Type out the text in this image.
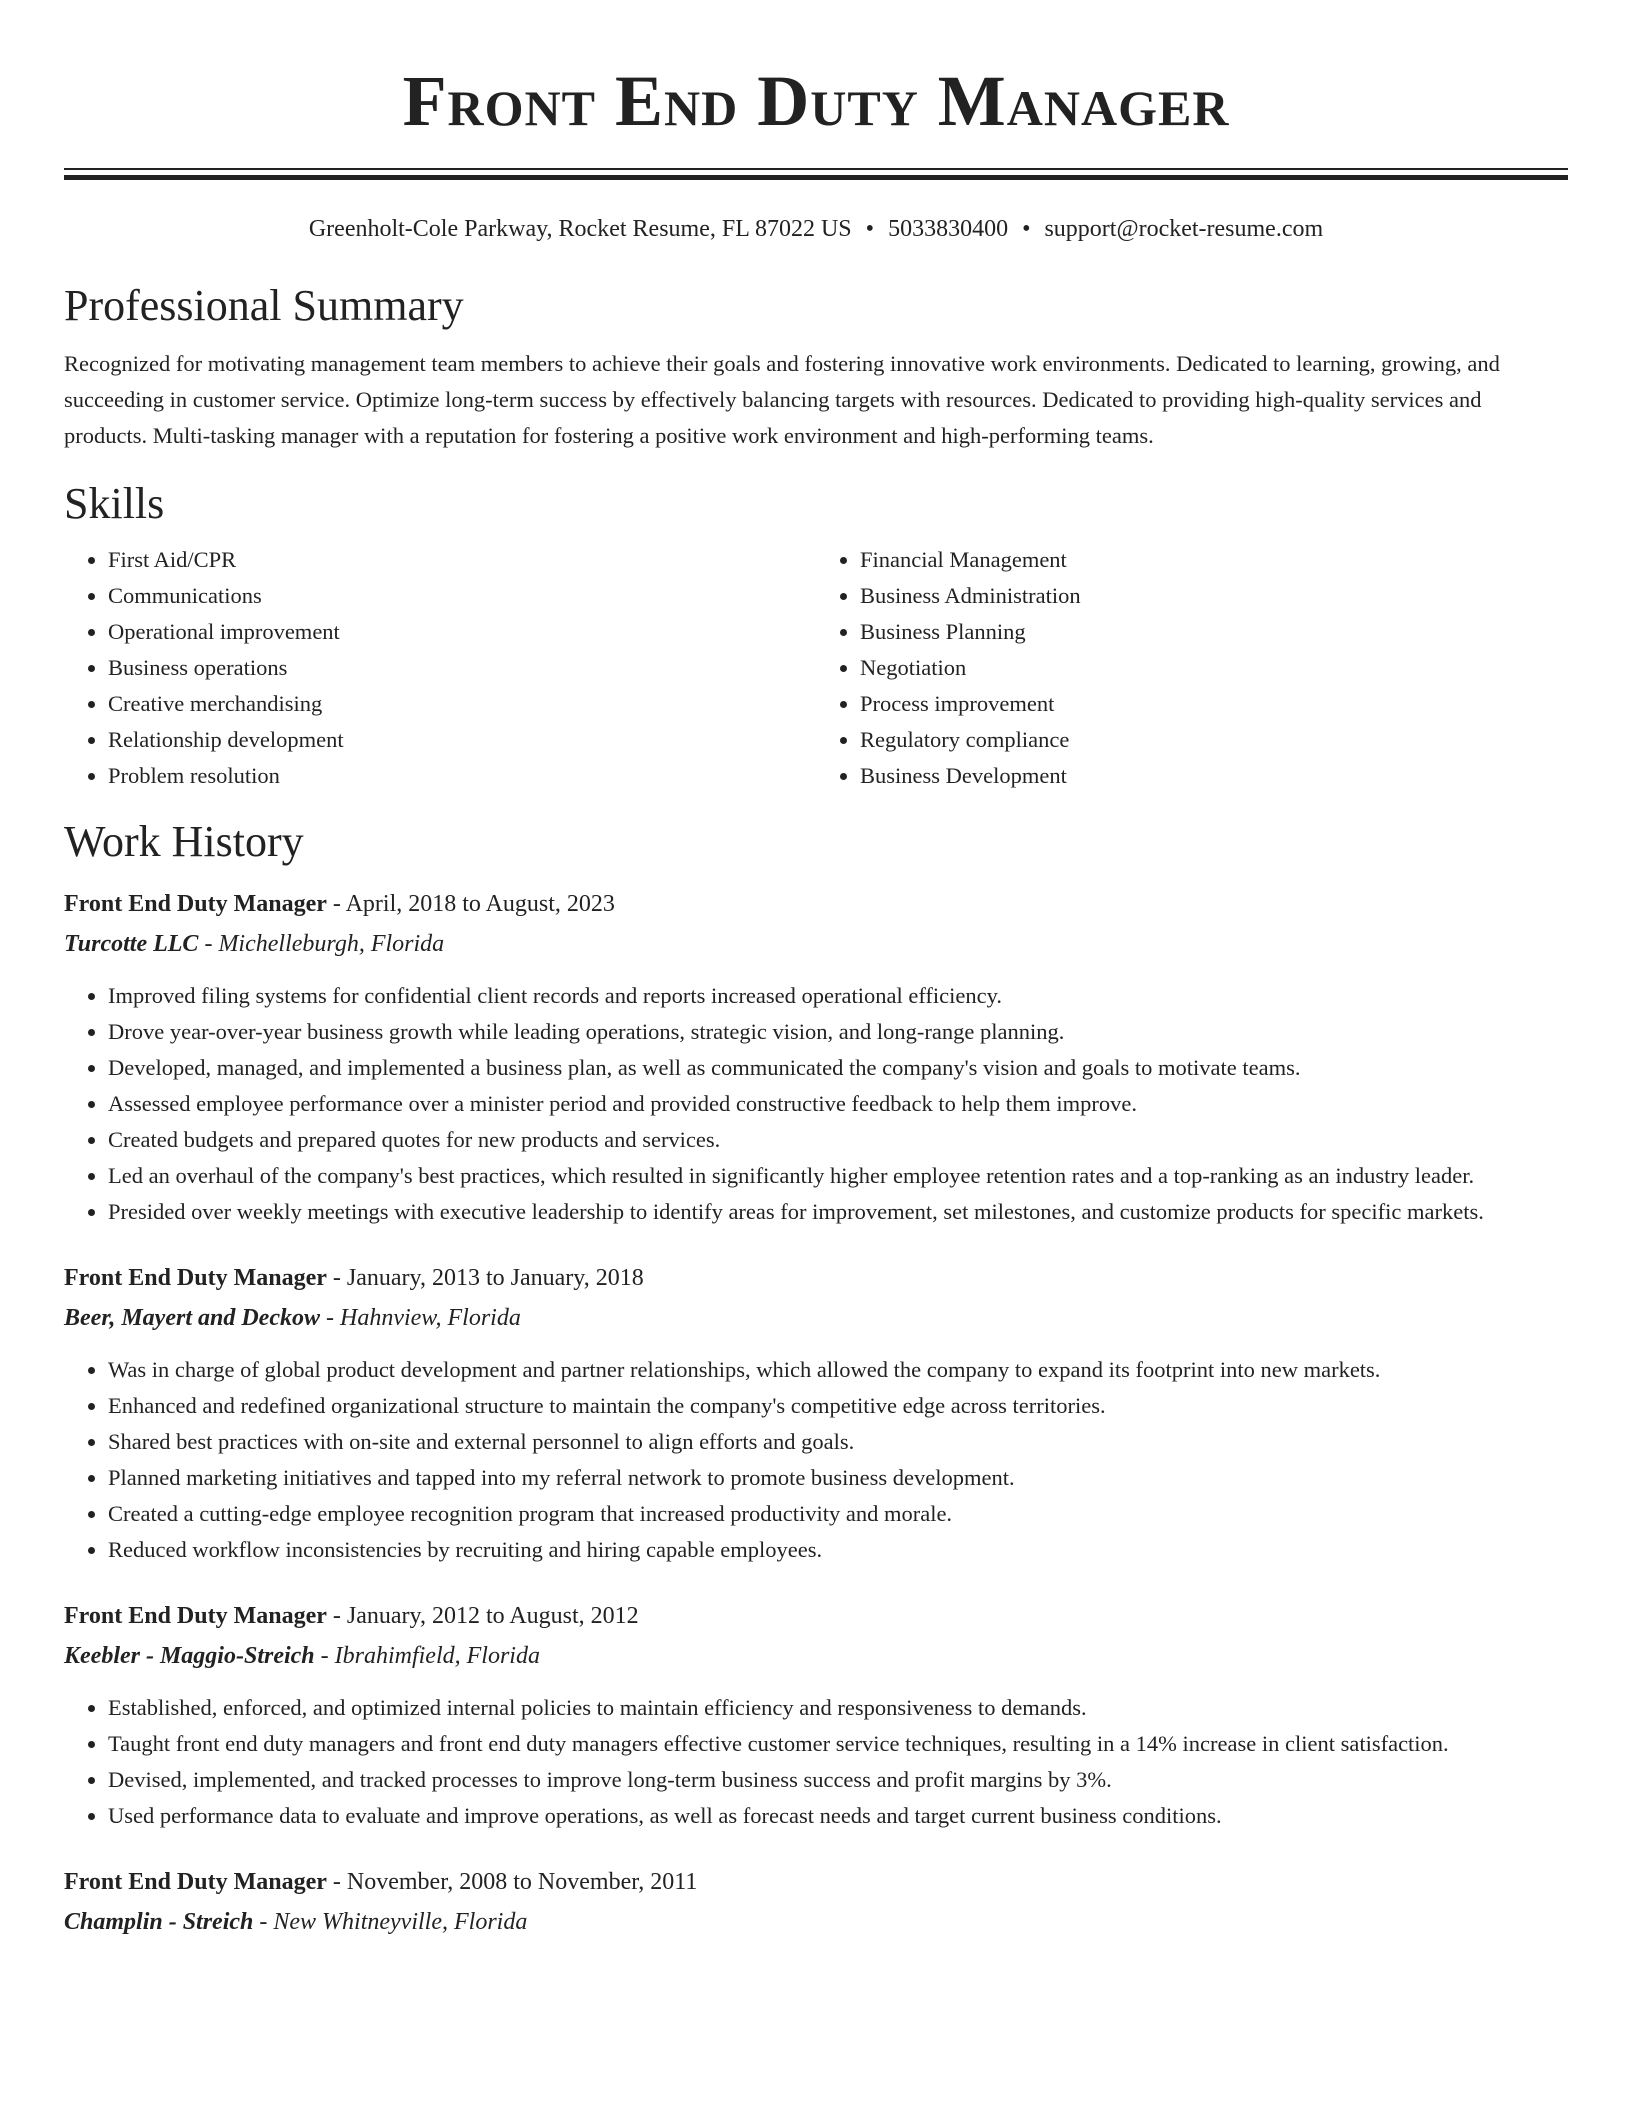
Front End Duty Manager
Greenholt-Cole Parkway, Rocket Resume, FL 87022 US • 5033830400 • support@rocket-resume.com
Professional Summary

Recognized for motivating management team members to achieve their goals and fostering innovative work environments. Dedicated to learning, growing, and succeeding in customer service. Optimize long-term success by effectively balancing targets with resources. Dedicated to providing high-quality services and products. Multi-tasking manager with a reputation for fostering a positive work environment and high-performing teams.

Skills
• First Aid/CPR
• Communications
• Operational improvement
• Business operations
• Creative merchandising
• Relationship development
• Problem resolution
• Financial Management
• Business Administration
• Business Planning
• Negotiation
• Process improvement
• Regulatory compliance
• Business Development
Work History
Front End Duty Manager - April, 2018 to August, 2023
Turcotte LLC - Michelleburgh, Florida
• Improved filing systems for confidential client records and reports increased operational efficiency.
• Drove year-over-year business growth while leading operations, strategic vision, and long-range planning.
• Developed, managed, and implemented a business plan, as well as communicated the company's vision and goals to motivate teams.
• Assessed employee performance over a minister period and provided constructive feedback to help them improve.
• Created budgets and prepared quotes for new products and services.
• Led an overhaul of the company's best practices, which resulted in significantly higher employee retention rates and a top-ranking as an industry leader.
• Presided over weekly meetings with executive leadership to identify areas for improvement, set milestones, and customize products for specific markets.
Front End Duty Manager - January, 2013 to January, 2018
Beer, Mayert and Deckow - Hahnview, Florida
• Was in charge of global product development and partner relationships, which allowed the company to expand its footprint into new markets.
• Enhanced and redefined organizational structure to maintain the company's competitive edge across territories.
• Shared best practices with on-site and external personnel to align efforts and goals.
• Planned marketing initiatives and tapped into my referral network to promote business development.
• Created a cutting-edge employee recognition program that increased productivity and morale.
• Reduced workflow inconsistencies by recruiting and hiring capable employees.
Front End Duty Manager - January, 2012 to August, 2012
Keebler - Maggio-Streich - Ibrahimfield, Florida
• Established, enforced, and optimized internal policies to maintain efficiency and responsiveness to demands.
• Taught front end duty managers and front end duty managers effective customer service techniques, resulting in a 14% increase in client satisfaction.
• Devised, implemented, and tracked processes to improve long-term business success and profit margins by 3%.
• Used performance data to evaluate and improve operations, as well as forecast needs and target current business conditions.
Front End Duty Manager - November, 2008 to November, 2011
Champlin - Streich - New Whitneyville, Florida
